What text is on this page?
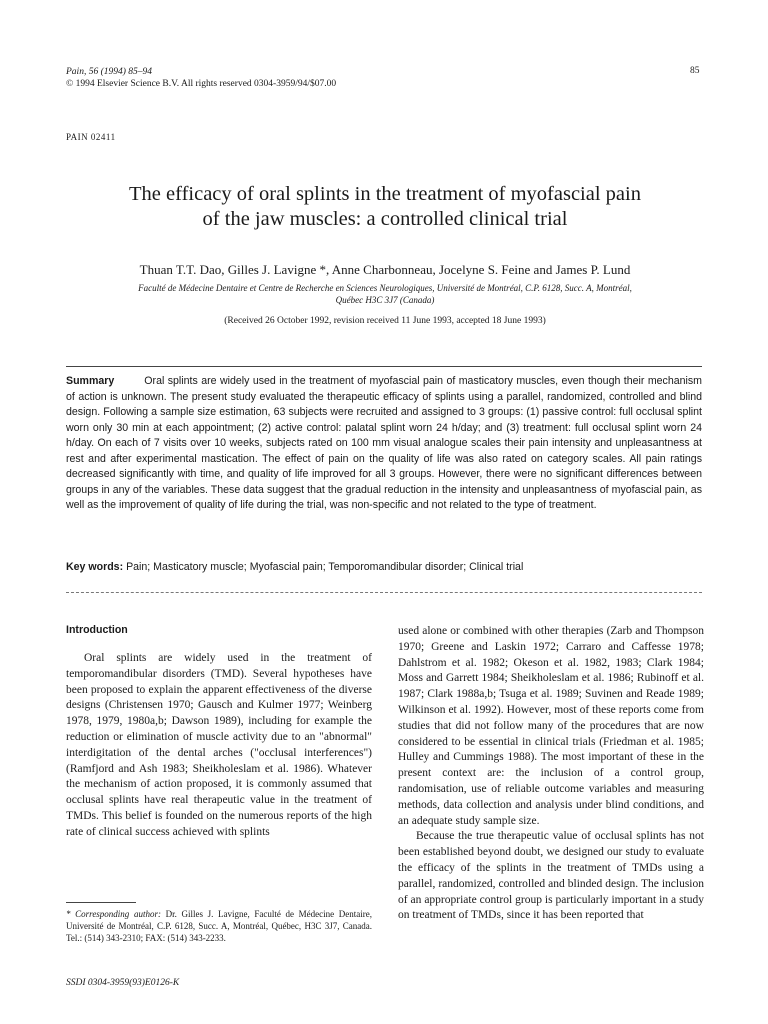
Pain, 56 (1994) 85–94
© 1994 Elsevier Science B.V. All rights reserved 0304-3959/94/$07.00
85
PAIN 02411
The efficacy of oral splints in the treatment of myofascial pain
of the jaw muscles: a controlled clinical trial
Thuan T.T. Dao, Gilles J. Lavigne *, Anne Charbonneau, Jocelyne S. Feine and James P. Lund
Faculté de Médecine Dentaire et Centre de Recherche en Sciences Neurologiques, Université de Montréal, C.P. 6128, Succ. A, Montréal,
Québec H3C 3J7 (Canada)
(Received 26 October 1992, revision received 11 June 1993, accepted 18 June 1993)
Summary	Oral splints are widely used in the treatment of myofascial pain of masticatory muscles, even though their mechanism of action is unknown. The present study evaluated the therapeutic efficacy of splints using a parallel, randomized, controlled and blind design. Following a sample size estimation, 63 subjects were recruited and assigned to 3 groups: (1) passive control: full occlusal splint worn only 30 min at each appointment; (2) active control: palatal splint worn 24 h/day; and (3) treatment: full occlusal splint worn 24 h/day. On each of 7 visits over 10 weeks, subjects rated on 100 mm visual analogue scales their pain intensity and unpleasantness at rest and after experimental mastication. The effect of pain on the quality of life was also rated on category scales. All pain ratings decreased significantly with time, and quality of life improved for all 3 groups. However, there were no significant differences between groups in any of the variables. These data suggest that the gradual reduction in the intensity and unpleasantness of myofascial pain, as well as the improvement of quality of life during the trial, was non-specific and not related to the type of treatment.
Key words: Pain; Masticatory muscle; Myofascial pain; Temporomandibular disorder; Clinical trial
Introduction

Oral splints are widely used in the treatment of temporomandibular disorders (TMD). Several hypotheses have been proposed to explain the apparent effectiveness of the diverse designs (Christensen 1970; Gausch and Kulmer 1977; Weinberg 1978, 1979, 1980a,b; Dawson 1989), including for example the reduction or elimination of muscle activity due to an "abnormal" interdigitation of the dental arches ("occlusal interferences") (Ramfjord and Ash 1983; Sheikholeslam et al. 1986). Whatever the mechanism of action proposed, it is commonly assumed that occlusal splints have real therapeutic value in the treatment of TMDs. This belief is founded on the numerous reports of the high rate of clinical success achieved with splints

used alone or combined with other therapies (Zarb and Thompson 1970; Greene and Laskin 1972; Carraro and Caffesse 1978; Dahlstrom et al. 1982; Okeson et al. 1982, 1983; Clark 1984; Moss and Garrett 1984; Sheikholeslam et al. 1986; Rubinoff et al. 1987; Clark 1988a,b; Tsuga et al. 1989; Suvinen and Reade 1989; Wilkinson et al. 1992). However, most of these reports come from studies that did not follow many of the procedures that are now considered to be essential in clinical trials (Friedman et al. 1985; Hulley and Cummings 1988). The most important of these in the present context are: the inclusion of a control group, randomisation, use of reliable outcome variables and measuring methods, data collection and analysis under blind conditions, and an adequate study sample size.

Because the true therapeutic value of occlusal splints has not been established beyond doubt, we designed our study to evaluate the efficacy of the splints in the treatment of TMDs using a parallel, randomized, controlled and blinded design. The inclusion of an appropriate control group is particularly important in a study on treatment of TMDs, since it has been reported that

* Corresponding author: Dr. Gilles J. Lavigne, Faculté de Médecine Dentaire, Université de Montréal, C.P. 6128, Succ. A, Montréal, Québec, H3C 3J7, Canada. Tel.: (514) 343-2310; FAX: (514) 343-2233.
SSDI 0304-3959(93)E0126-K
